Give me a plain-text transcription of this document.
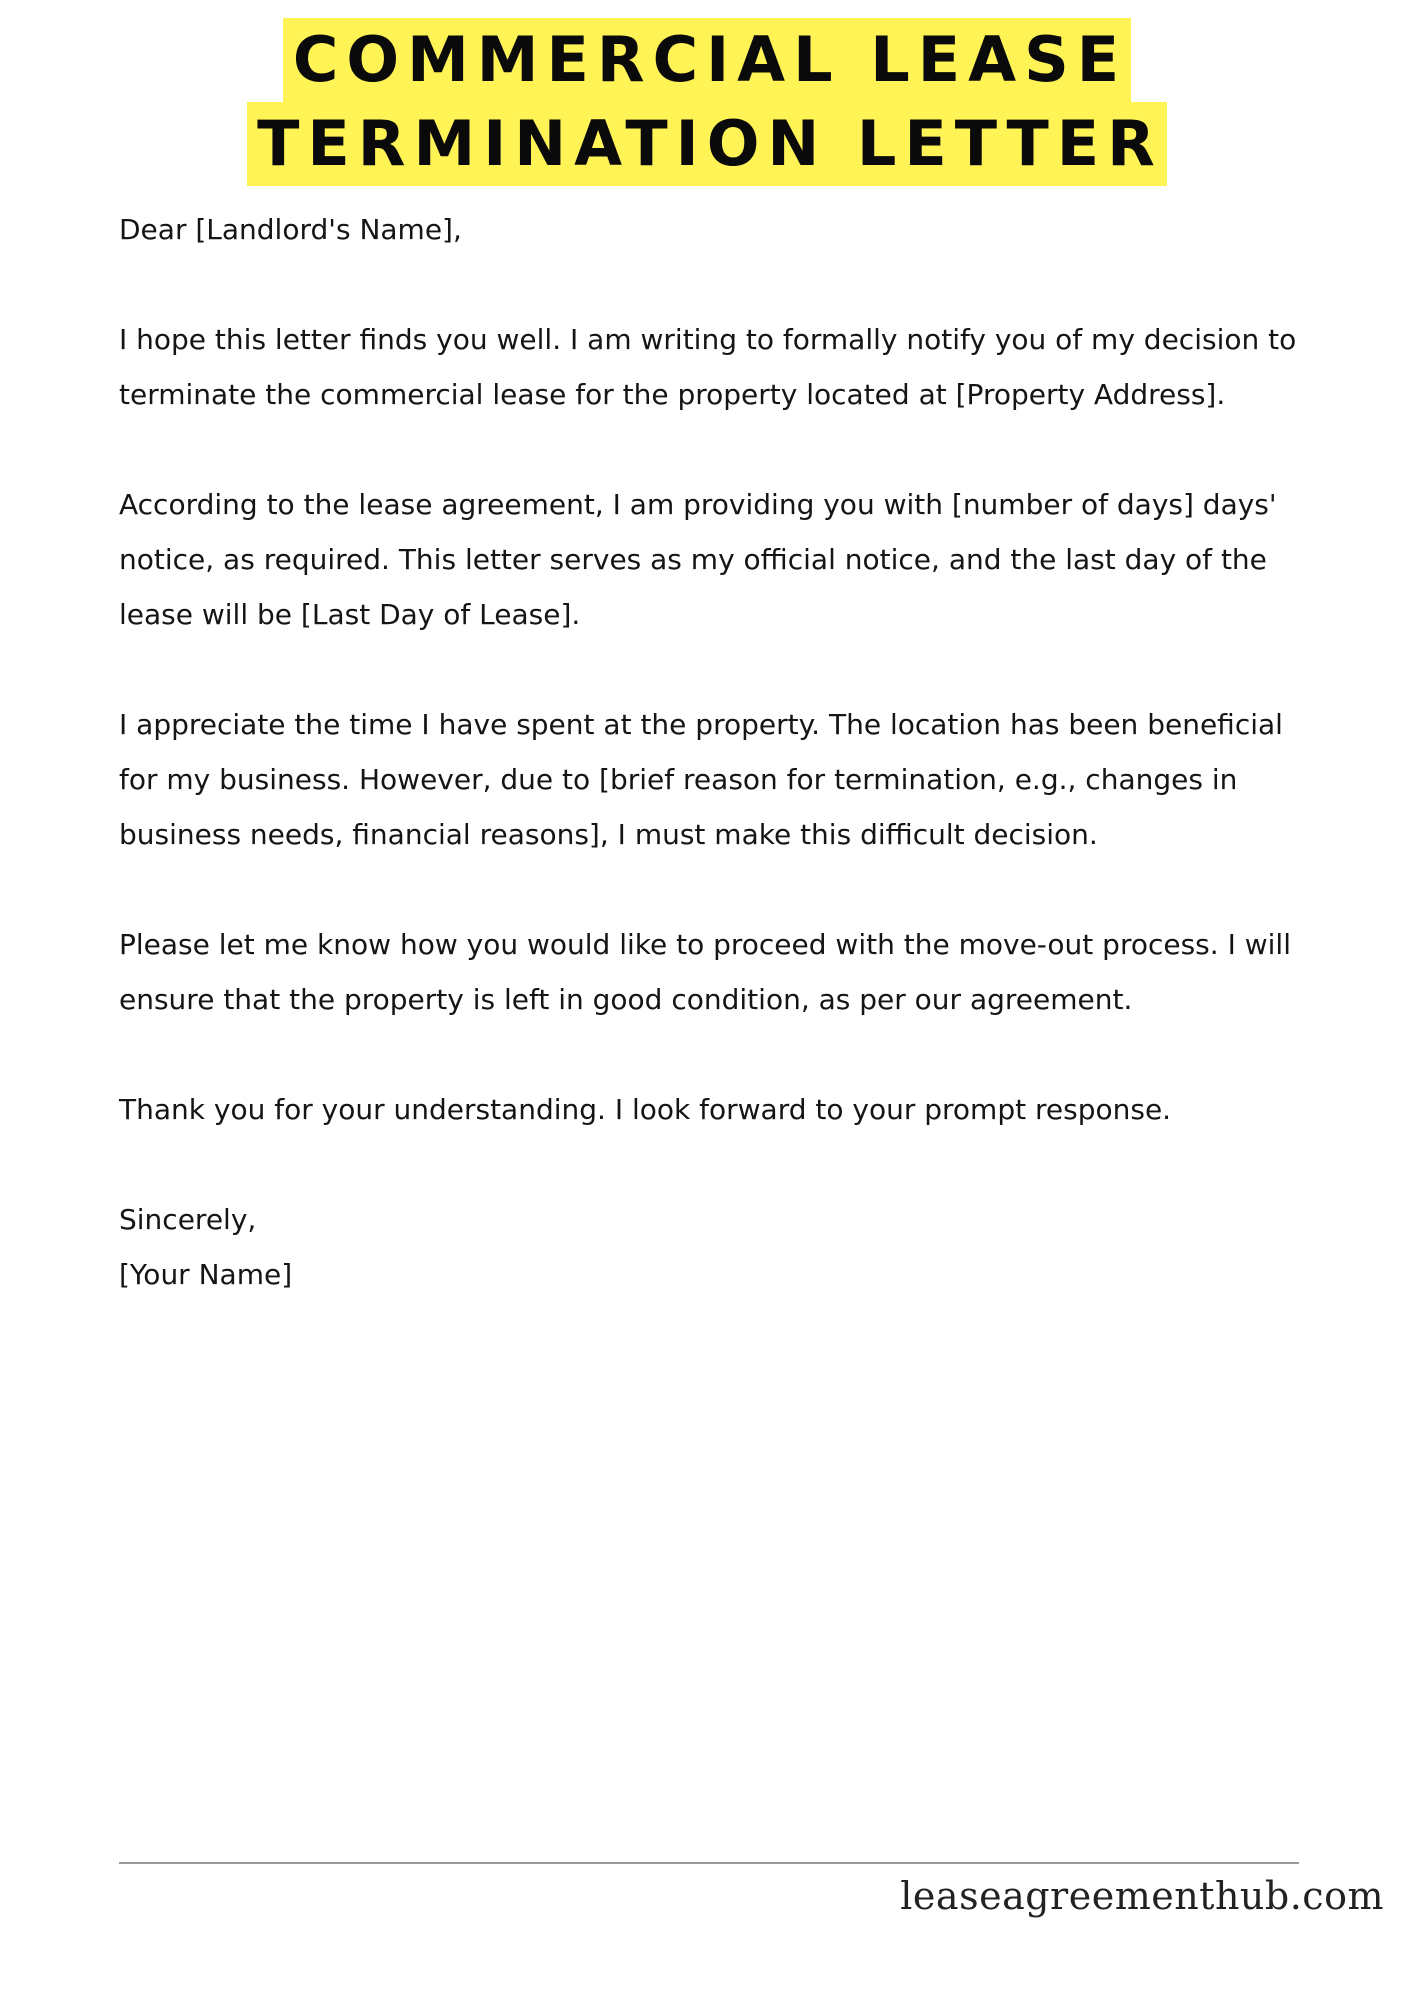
COMMERCIAL LEASE
TERMINATION LETTER

Dear [Landlord's Name],

I hope this letter finds you well. I am writing to formally notify you of my decision to terminate the commercial lease for the property located at [Property Address].

According to the lease agreement, I am providing you with [number of days] days' notice, as required. This letter serves as my official notice, and the last day of the lease will be [Last Day of Lease].

I appreciate the time I have spent at the property. The location has been beneficial for my business. However, due to [brief reason for termination, e.g., changes in business needs, financial reasons], I must make this difficult decision.

Please let me know how you would like to proceed with the move-out process. I will ensure that the property is left in good condition, as per our agreement.

Thank you for your understanding. I look forward to your prompt response.

Sincerely,

[Your Name]

leaseagreementhub.com
